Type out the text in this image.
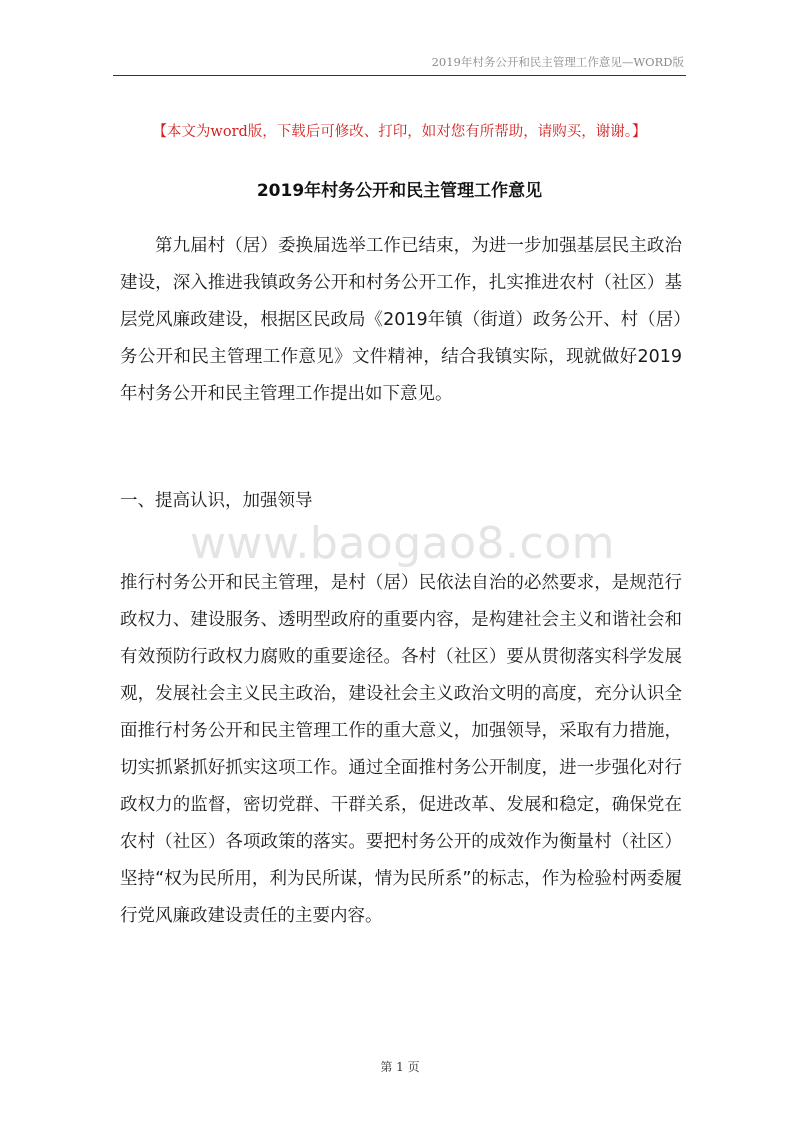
2019年村务公开和民主管理工作意见—WORD版
【本文为word版，下载后可修改、打印，如对您有所帮助，请购买，谢谢。】
2019年村务公开和民主管理工作意见

第九届村（居）委换届选举工作已结束，为进一步加强基层民主政治建设，深入推进我镇政务公开和村务公开工作，扎实推进农村（社区）基层党风廉政建设，根据区民政局《2019年镇（街道）政务公开、村（居）务公开和民主管理工作意见》文件精神，结合我镇实际，现就做好2019年村务公开和民主管理工作提出如下意见。

一、提高认识，加强领导
www.baogao8.com

推行村务公开和民主管理，是村（居）民依法自治的必然要求，是规范行政权力、建设服务、透明型政府的重要内容，是构建社会主义和谐社会和有效预防行政权力腐败的重要途径。各村（社区）要从贯彻落实科学发展观，发展社会主义民主政治，建设社会主义政治文明的高度，充分认识全面推行村务公开和民主管理工作的重大意义，加强领导，采取有力措施，切实抓紧抓好抓实这项工作。通过全面推村务公开制度，进一步强化对行政权力的监督，密切党群、干群关系，促进改革、发展和稳定，确保党在农村（社区）各项政策的落实。要把村务公开的成效作为衡量村（社区）坚持“权为民所用，利为民所谋，情为民所系”的标志，作为检验村两委履行党风廉政建设责任的主要内容。

第 1 页
